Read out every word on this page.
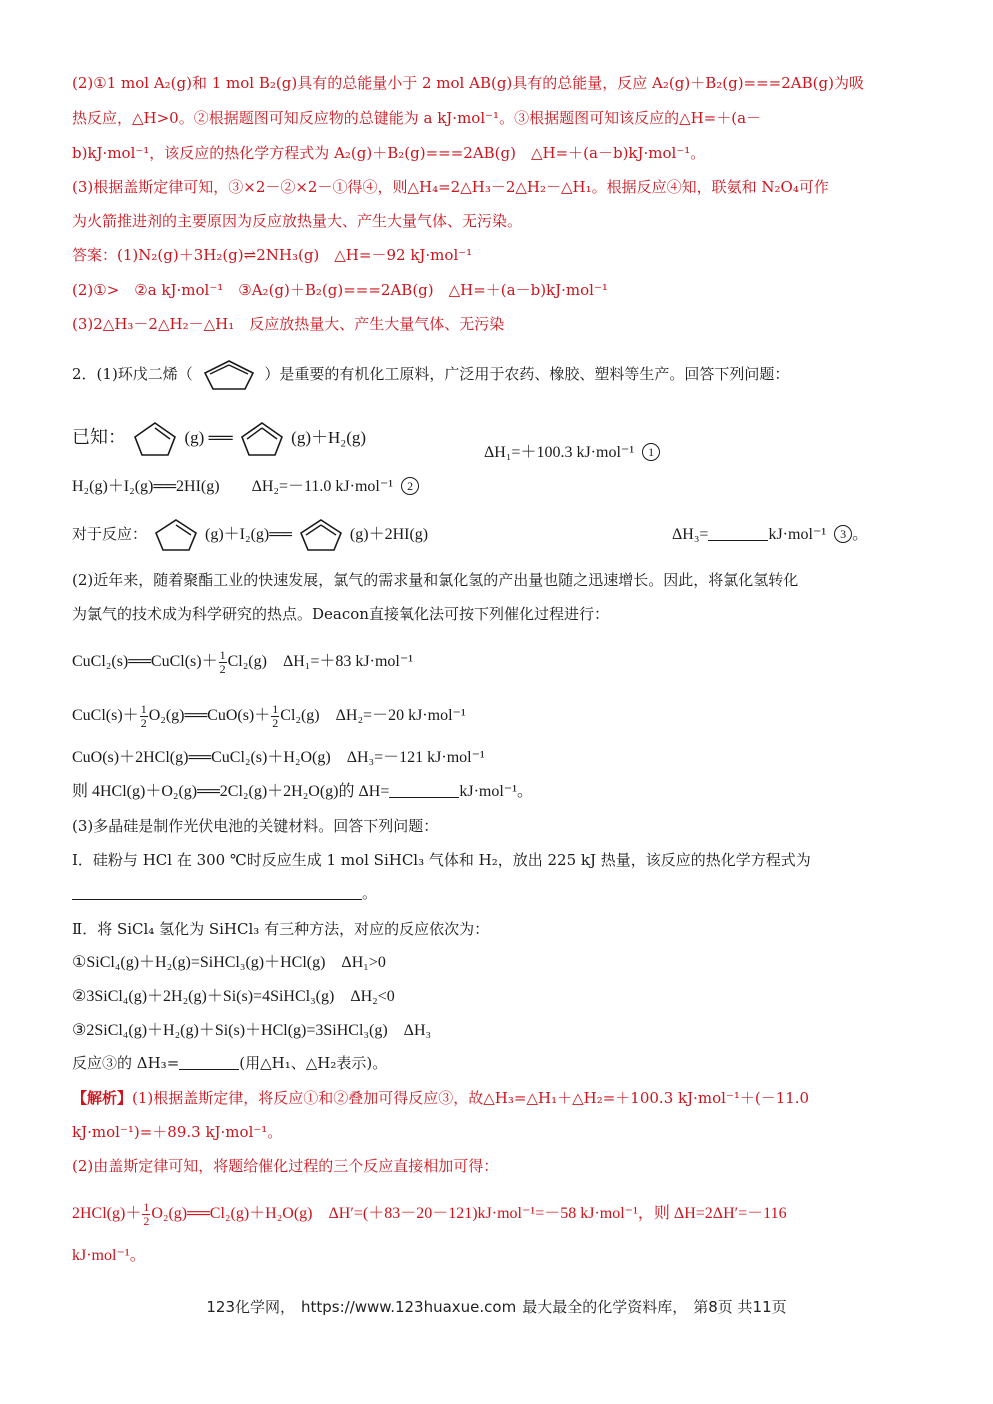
(2)①1 mol A₂(g)和 1 mol B₂(g)具有的总能量小于 2 mol AB(g)具有的总能量，反应 A₂(g)＋B₂(g)===2AB(g)为吸
热反应，△H>0。②根据题图可知反应物的总键能为 a kJ·mol⁻¹。③根据题图可知该反应的△H=＋(a－
b)kJ·mol⁻¹，该反应的热化学方程式为 A₂(g)＋B₂(g)===2AB(g)　△H=＋(a－b)kJ·mol⁻¹。
(3)根据盖斯定律可知，③×2－②×2－①得④，则△H₄=2△H₃－2△H₂－△H₁。根据反应④知，联氨和 N₂O₄可作
为火箭推进剂的主要原因为反应放热量大、产生大量气体、无污染。
答案：(1)N₂(g)＋3H₂(g)⇌2NH₃(g)　△H=－92 kJ·mol⁻¹
(2)①>　②a kJ·mol⁻¹　③A₂(g)＋B₂(g)===2AB(g)　△H=＋(a－b)kJ·mol⁻¹
(3)2△H₃－2△H₂－△H₁　反应放热量大、产生大量气体、无污染
2．(1)环戊二烯（	）是重要的有机化工原料，广泛用于农药、橡胶、塑料等生产。回答下列问题：
已知：	(g) ══	(g)＋H₂(g)
ΔH₁=＋100.3 kJ·mol⁻¹ 1
H₂(g)＋I₂(g)══2HI(g)　　ΔH₂=－11.0 kJ·mol⁻¹ 2
对于反应：	(g)＋I₂(g)══	(g)＋2HI(g)	ΔH₃=	kJ·mol⁻¹ 3 。
(2)近年来，随着聚酯工业的快速发展，氯气的需求量和氯化氢的产出量也随之迅速增长。因此，将氯化氢转化
为氯气的技术成为科学研究的热点。Deacon直接氧化法可按下列催化过程进行：
CuCl₂(s)══CuCl(s)＋ $\frac{1}{2} Cl_2(g)$　ΔH₁=＋83 kJ·mol⁻¹
CuCl(s)＋ $\frac{1}{2}$ O₂(g)══CuO(s)＋ $\frac{1}{2} Cl_2(g)$　ΔH₂=－20 kJ·mol⁻¹
CuO(s)＋2HCl(g)══CuCl₂(s)＋H₂O(g)　ΔH₃=－121 kJ·mol⁻¹
则 4HCl(g)＋O₂(g)══2Cl₂(g)＋2H₂O(g)的 ΔH=	kJ·mol⁻¹。
(3)多晶硅是制作光伏电池的关键材料。回答下列问题：
Ⅰ．硅粉与 HCl 在 300 ℃时反应生成 1 mol SiHCl₃ 气体和 H₂，放出 225 kJ 热量，该反应的热化学方程式为
。
Ⅱ．将 SiCl₄ 氢化为 SiHCl₃ 有三种方法，对应的反应依次为：
①SiCl₄(g)＋H₂(g)=SiHCl₃(g)＋HCl(g)　ΔH₁>0
②3SiCl₄(g)＋2H₂(g)＋Si(s)=4SiHCl₃(g)　ΔH₂<0
③2SiCl₄(g)＋H₂(g)＋Si(s)＋HCl(g)=3SiHCl₃(g)　ΔH₃
反应③的 ΔH₃=	(用△H₁、△H₂表示)。
【解析】(1)根据盖斯定律，将反应①和②叠加可得反应③，故△H₃=△H₁＋△H₂=＋100.3 kJ·mol⁻¹＋(－11.0
kJ·mol⁻¹)=＋89.3 kJ·mol⁻¹。
(2)由盖斯定律可知，将题给催化过程的三个反应直接相加可得：
$2HCl(g)+ \frac{1}{2}$ O₂(g)══Cl₂(g)＋H₂O(g)　ΔH′=(＋83－20－121)kJ·mol⁻¹=－58 kJ·mol⁻¹，则 ΔH=2ΔH′=－116
kJ·mol⁻¹。
123化学网， https://www.123huaxue.com 最大最全的化学资料库， 第8页 共11页
